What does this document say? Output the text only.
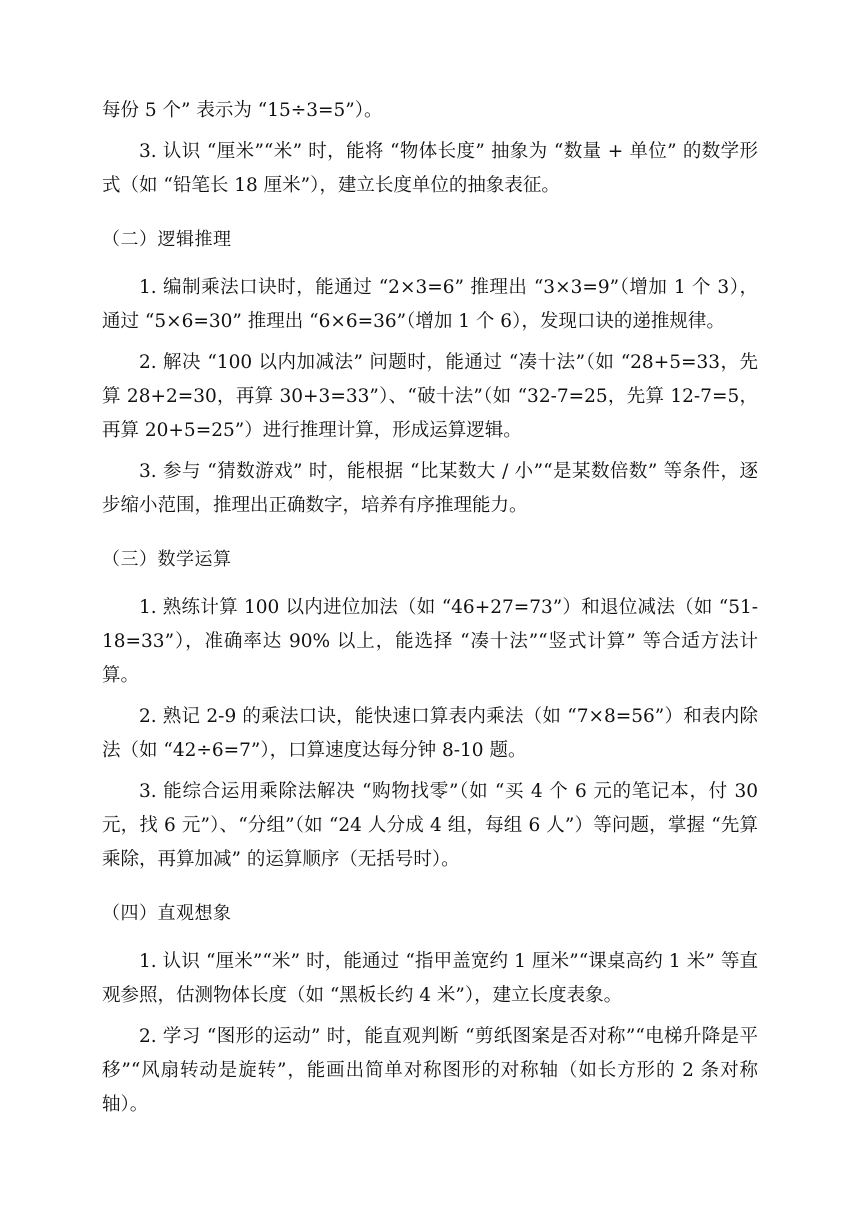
每份 5 个” 表示为 “15÷3=5”）。

3. 认识 “厘米”“米” 时，能将 “物体长度” 抽象为 “数量 + 单位” 的数学形式（如 “铅笔长 18 厘米”），建立长度单位的抽象表征。

（二）逻辑推理

1. 编制乘法口诀时，能通过 “2×3=6” 推理出 “3×3=9”（增加 1 个 3），通过 “5×6=30” 推理出 “6×6=36”（增加 1 个 6），发现口诀的递推规律。

2. 解决 “100 以内加减法” 问题时，能通过 “凑十法”（如 “28+5=33，先算 28+2=30，再算 30+3=33”）、“破十法”（如 “32-7=25，先算 12-7=5，再算 20+5=25”）进行推理计算，形成运算逻辑。

3. 参与 “猜数游戏” 时，能根据 “比某数大 / 小”“是某数倍数” 等条件，逐步缩小范围，推理出正确数字，培养有序推理能力。

（三）数学运算

1. 熟练计算 100 以内进位加法（如 “46+27=73”）和退位减法（如 “51-18=33”），准确率达 90% 以上，能选择 “凑十法”“竖式计算” 等合适方法计算。

2. 熟记 2-9 的乘法口诀，能快速口算表内乘法（如 “7×8=56”）和表内除法（如 “42÷6=7”），口算速度达每分钟 8-10 题。

3. 能综合运用乘除法解决 “购物找零”（如 “买 4 个 6 元的笔记本，付 30 元，找 6 元”）、“分组”（如 “24 人分成 4 组，每组 6 人”）等问题，掌握 “先算乘除，再算加减” 的运算顺序（无括号时）。

（四）直观想象

1. 认识 “厘米”“米” 时，能通过 “指甲盖宽约 1 厘米”“课桌高约 1 米” 等直观参照，估测物体长度（如 “黑板长约 4 米”），建立长度表象。

2. 学习 “图形的运动” 时，能直观判断 “剪纸图案是否对称”“电梯升降是平移”“风扇转动是旋转”，能画出简单对称图形的对称轴（如长方形的 2 条对称轴）。
